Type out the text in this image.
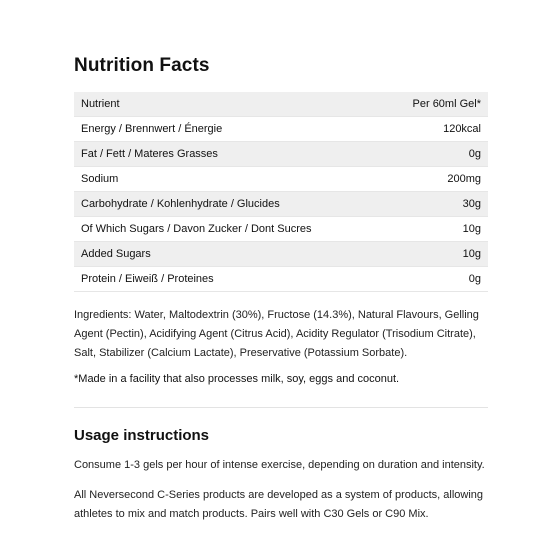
Nutrition Facts
Nutrient	Per 60ml Gel*
Energy / Brennwert / Énergie	120kcal
Fat / Fett / Materes Grasses	0g
Sodium	200mg
Carbohydrate / Kohlenhydrate / Glucides	30g
Of Which Sugars / Davon Zucker / Dont Sucres	10g
Added Sugars	10g
Protein / Eiweiß / Proteines	0g
Ingredients: Water, Maltodextrin (30%), Fructose (14.3%), Natural Flavours, Gelling Agent (Pectin), Acidifying Agent (Citrus Acid), Acidity Regulator (Trisodium Citrate), Salt, Stabilizer (Calcium Lactate), Preservative (Potassium Sorbate).
*Made in a facility that also processes milk, soy, eggs and coconut.
Usage instructions
Consume 1-3 gels per hour of intense exercise, depending on duration and intensity.
All Neversecond C-Series products are developed as a system of products, allowing athletes to mix and match products. Pairs well with C30 Gels or C90 Mix.
